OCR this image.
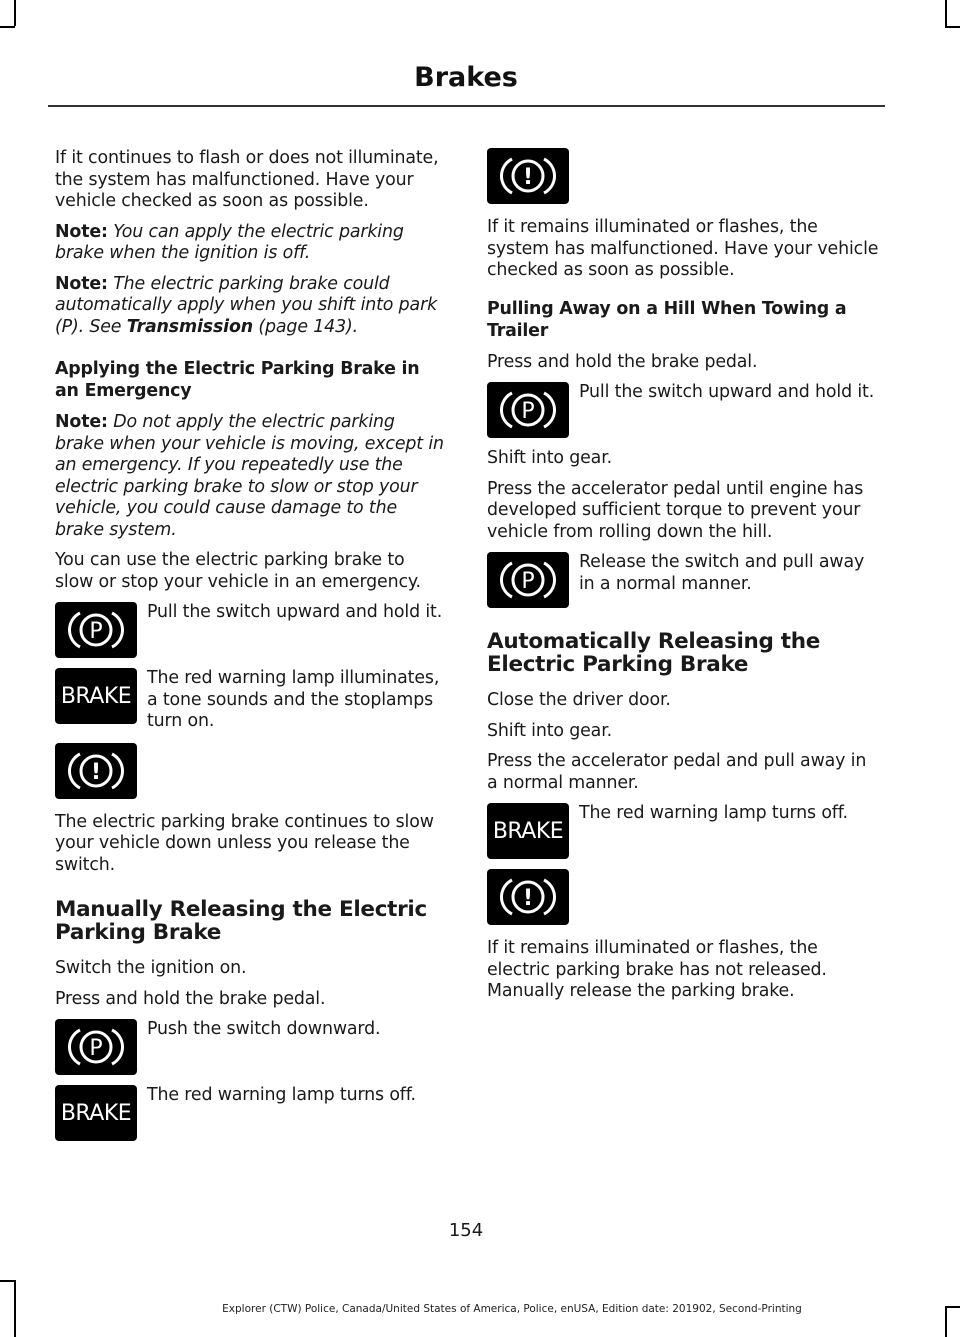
Brakes

If it continues to flash or does not illuminate, the system has malfunctioned. Have your vehicle checked as soon as possible.

Note: You can apply the electric parking brake when the ignition is off.

Note: The electric parking brake could automatically apply when you shift into park (P). See Transmission (page 143).

Applying the Electric Parking Brake in an Emergency

Note: Do not apply the electric parking brake when your vehicle is moving, except in an emergency. If you repeatedly use the electric parking brake to slow or stop your vehicle, you could cause damage to the brake system.

You can use the electric parking brake to slow or stop your vehicle in an emergency.

P

Pull the switch upward and hold it.

BRAKE

The red warning lamp illuminates, a tone sounds and the stoplamps turn on.

!

The electric parking brake continues to slow your vehicle down unless you release the switch.

Manually Releasing the Electric Parking Brake

Switch the ignition on.

Press and hold the brake pedal.

P

Push the switch downward.

BRAKE

The red warning lamp turns off.

!

If it remains illuminated or flashes, the system has malfunctioned. Have your vehicle checked as soon as possible.

Pulling Away on a Hill When Towing a Trailer

Press and hold the brake pedal.

P

Pull the switch upward and hold it.

Shift into gear.

Press the accelerator pedal until engine has developed sufficient torque to prevent your vehicle from rolling down the hill.

P

Release the switch and pull away in a normal manner.

Automatically Releasing the Electric Parking Brake

Close the driver door.

Shift into gear.

Press the accelerator pedal and pull away in a normal manner.

BRAKE

The red warning lamp turns off.

!

If it remains illuminated or flashes, the electric parking brake has not released. Manually release the parking brake.

154
Explorer (CTW) Police, Canada/United States of America, Police, enUSA, Edition date: 201902, Second-Printing
